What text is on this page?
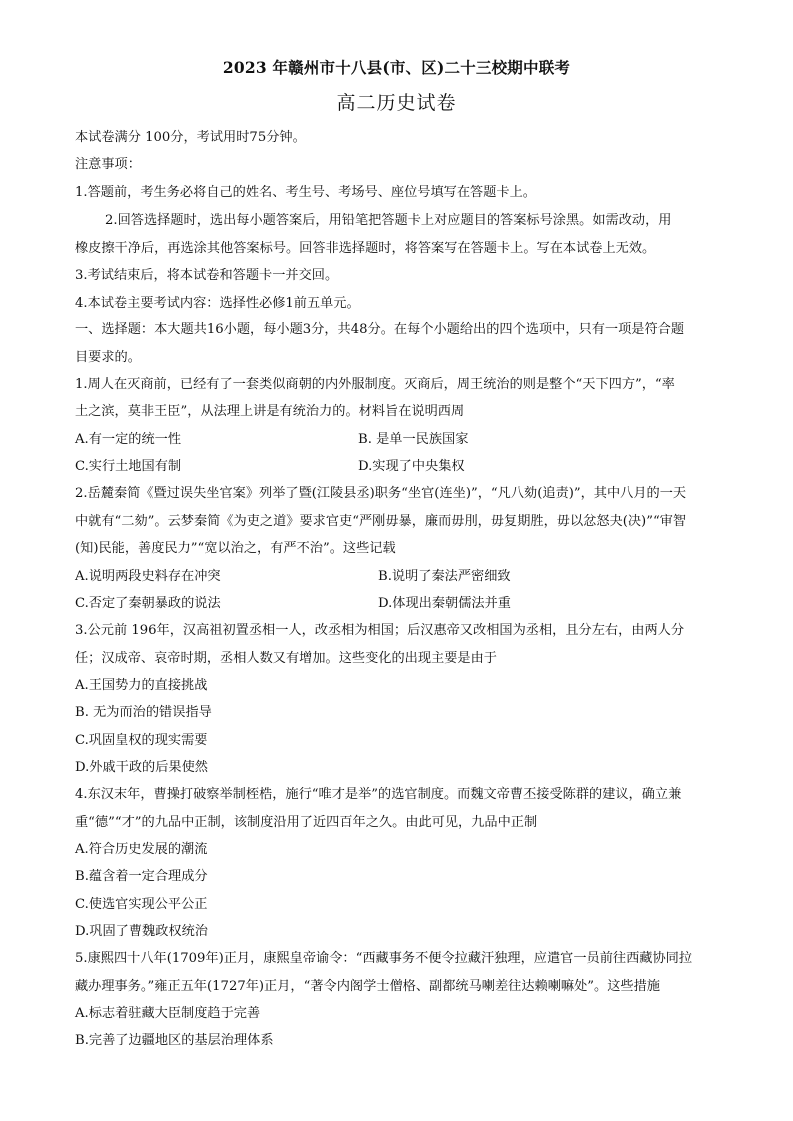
2023 年赣州市十八县(市、区)二十三校期中联考
高二历史试卷
本试卷满分 100分，考试用时75分钟。
注意事项：
1.答题前，考生务必将自己的姓名、考生号、考场号、座位号填写在答题卡上。
2.回答选择题时，选出每小题答案后，用铅笔把答题卡上对应题目的答案标号涂黑。如需改动，用
橡皮擦干净后，再选涂其他答案标号。回答非选择题时，将答案写在答题卡上。写在本试卷上无效。
3.考试结束后，将本试卷和答题卡一并交回。
4.本试卷主要考试内容：选择性必修1前五单元。
一、选择题：本大题共16小题，每小题3分，共48分。在每个小题给出的四个选项中，只有一项是符合题
目要求的。
1.周人在灭商前，已经有了一套类似商朝的内外服制度。灭商后，周王统治的则是整个“天下四方”，“率
土之滨，莫非王臣”，从法理上讲是有统治力的。材料旨在说明西周
A.有一定的统一性	B. 是单一民族国家
C.实行土地国有制	D.实现了中央集权
2.岳麓秦简《暨过误失坐官案》列举了暨(江陵县丞)职务“坐官(连坐)”，“凡八劾(追责)”，其中八月的一天
中就有“二劾”。云梦秦简《为吏之道》要求官吏“严刚毋暴，廉而毋刖，毋复期胜，毋以忿怒夬(决)”“审智
(知)民能，善度民力”“宽以治之，有严不治”。这些记载
A.说明两段史料存在冲突	B.说明了秦法严密细致
C.否定了秦朝暴政的说法	D.体现出秦朝儒法并重
3.公元前 196年，汉高祖初置丞相一人，改丞相为相国；后汉惠帝又改相国为丞相，且分左右，由两人分
任；汉成帝、哀帝时期，丞相人数又有增加。这些变化的出现主要是由于
A.王国势力的直接挑战
B. 无为而治的错误指导
C.巩固皇权的现实需要
D.外戚干政的后果使然
4.东汉末年，曹操打破察举制桎梏，施行“唯才是举”的选官制度。而魏文帝曹丕接受陈群的建议，确立兼
重“德”“才”的九品中正制，该制度沿用了近四百年之久。由此可见，九品中正制
A.符合历史发展的潮流
B.蕴含着一定合理成分
C.使选官实现公平公正
D.巩固了曹魏政权统治
5.康熙四十八年(1709年)正月，康熙皇帝谕令：“西藏事务不便令拉藏汗独理，应遣官一员前往西藏协同拉
藏办理事务。”雍正五年(1727年)正月，“著令内阁学士僧格、副都统马喇差往达赖喇嘛处”。这些措施
A.标志着驻藏大臣制度趋于完善
B.完善了边疆地区的基层治理体系
